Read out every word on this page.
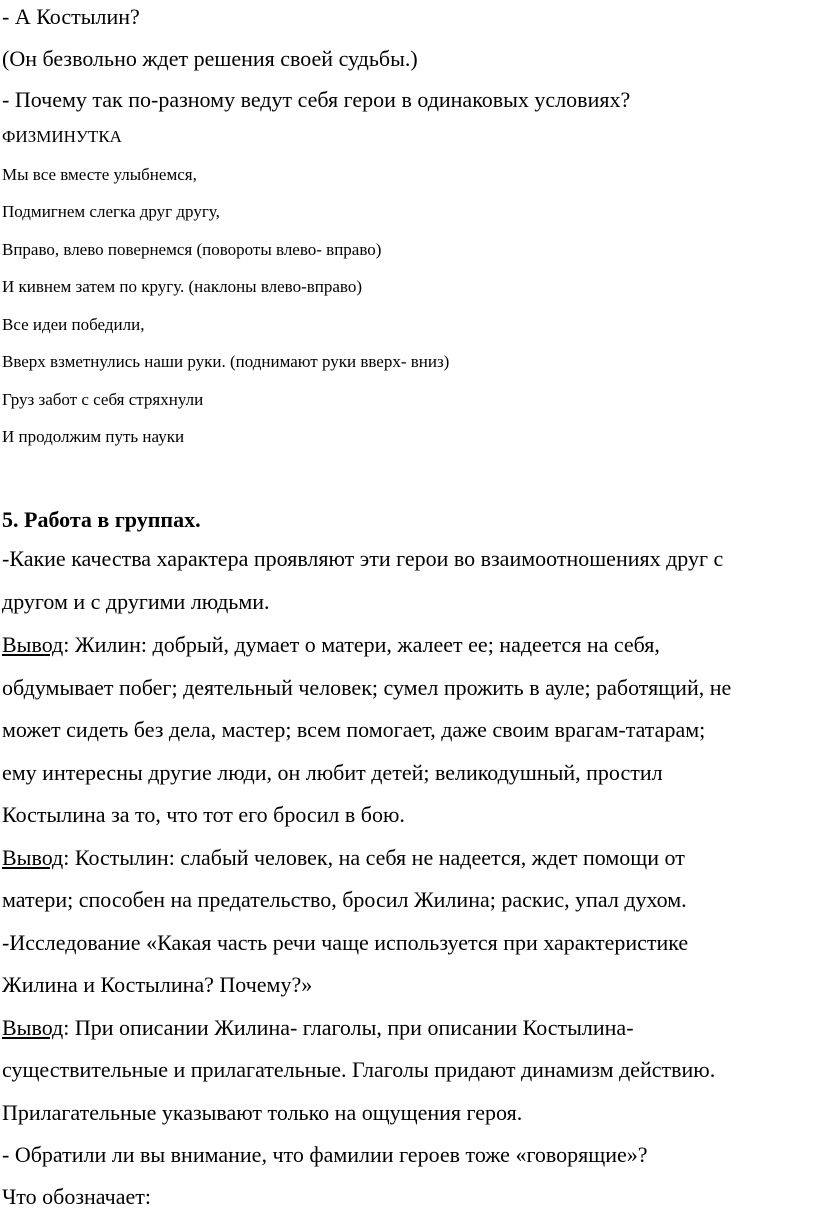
- А Костылин?
(Он безвольно ждет решения своей судьбы.)
- Почему так по-разному ведут себя герои в одинаковых условиях?
ФИЗМИНУТКА
Мы все вместе улыбнемся,
Подмигнем слегка друг другу,
Вправо, влево повернемся (повороты влево- вправо)
И кивнем затем по кругу. (наклоны влево-вправо)
Все идеи победили,
Вверх взметнулись наши руки. (поднимают руки вверх- вниз)
Груз забот с себя стряхнули
И продолжим путь науки
5. Работа в группах.
-Какие качества характера проявляют эти герои во взаимоотношениях друг с
другом и с другими людьми.
Вывод: Жилин: добрый, думает о матери, жалеет ее; надеется на себя,
обдумывает побег; деятельный человек; сумел прожить в ауле; работящий, не
может сидеть без дела, мастер; всем помогает, даже своим врагам-татарам;
ему интересны другие люди, он любит детей; великодушный, простил
Костылина за то, что тот его бросил в бою.
Вывод: Костылин: слабый человек, на себя не надеется, ждет помощи от
матери; способен на предательство, бросил Жилина; раскис, упал духом.
-Исследование «Какая часть речи чаще используется при характеристике
Жилина и Костылина? Почему?»
Вывод: При описании Жилина- глаголы, при описании Костылина-
существительные и прилагательные. Глаголы придают динамизм действию.
Прилагательные указывают только на ощущения героя.
- Обратили ли вы внимание, что фамилии героев тоже «говорящие»?
Что обозначает:
